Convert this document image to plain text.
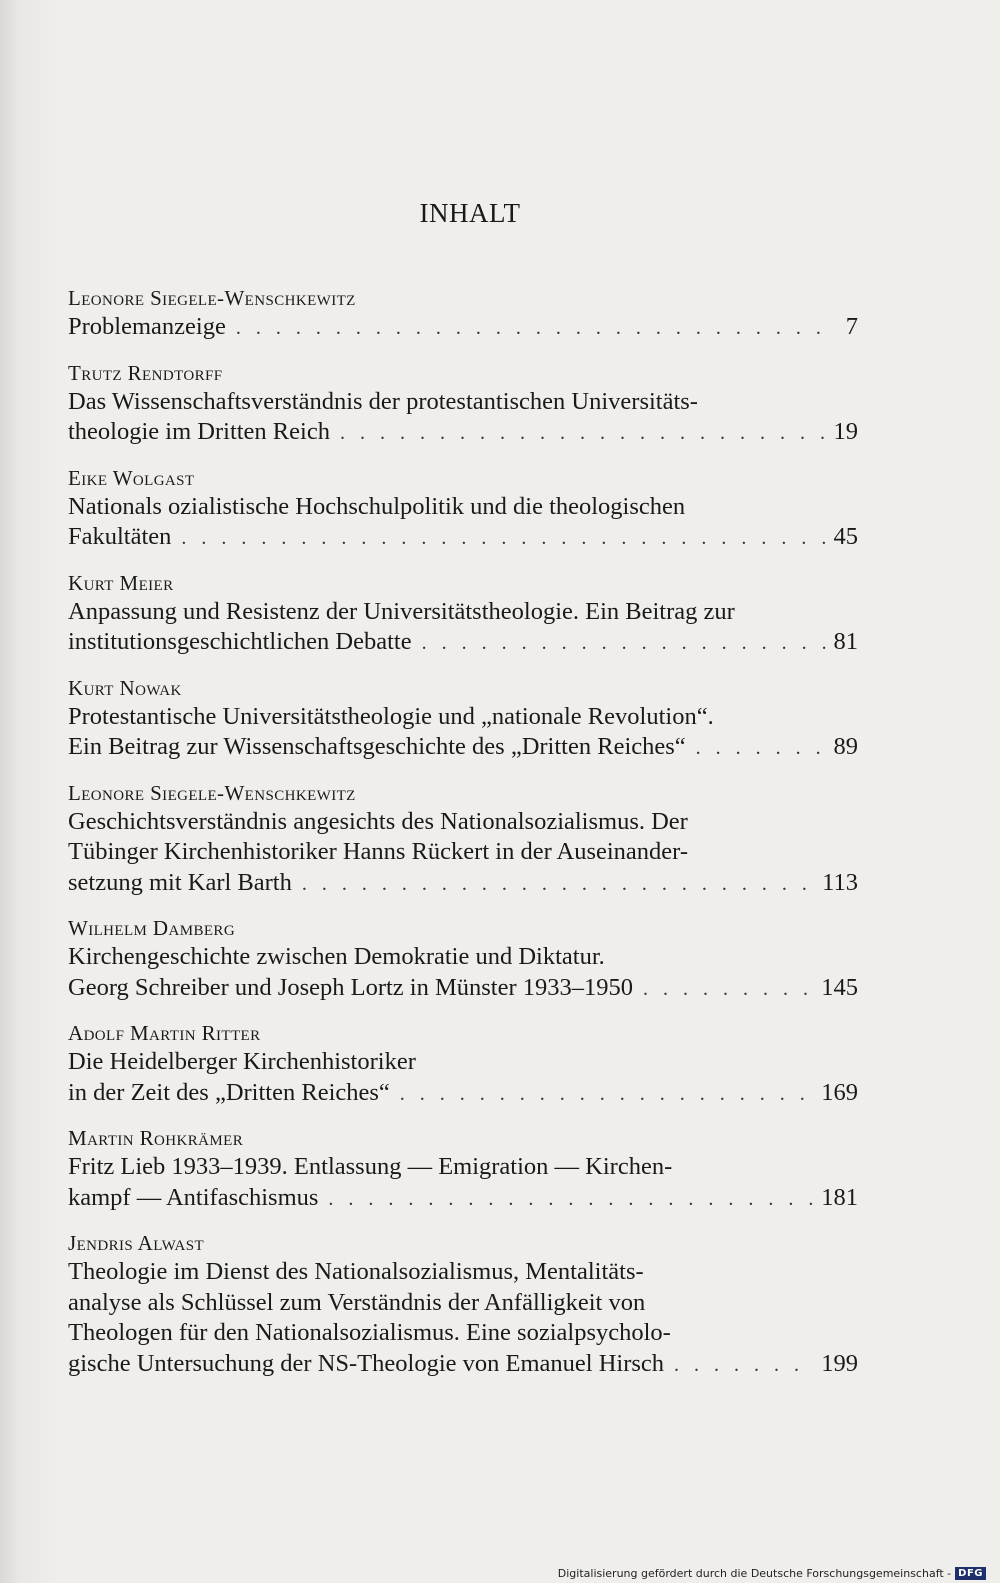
INHALT
Leonore Siegele-Wenschkewitz
Problemanzeige . . .	7
Trutz Rendtorff
Das Wissenschaftsverständnis der protestantischen Universitäts-
theologie im Dritten Reich . . .	19
Eike Wolgast
Nationals ozialistische Hochschulpolitik und die theologischen
Fakultäten . . .	45
Kurt Meier
Anpassung und Resistenz der Universitätstheologie. Ein Beitrag zur
institutionsgeschichtlichen Debatte . . .	81
Kurt Nowak
Protestantische Universitätstheologie und „nationale Revolution“.
Ein Beitrag zur Wissenschaftsgeschichte des „Dritten Reiches“ . . .	89
Leonore Siegele-Wenschkewitz
Geschichtsverständnis angesichts des Nationalsozialismus. Der
Tübinger Kirchenhistoriker Hanns Rückert in der Auseinander-
setzung mit Karl Barth . . .	113
Wilhelm Damberg
Kirchengeschichte zwischen Demokratie und Diktatur.
Georg Schreiber und Joseph Lortz in Münster 1933–1950 . . .	145
Adolf Martin Ritter
Die Heidelberger Kirchenhistoriker
in der Zeit des „Dritten Reiches“ . . .	169
Martin Rohkrämer
Fritz Lieb 1933–1939. Entlassung — Emigration — Kirchen-
kampf — Antifaschismus . . .	181
Jendris Alwast
Theologie im Dienst des Nationalsozialismus, Mentalitäts-
analyse als Schlüssel zum Verständnis der Anfälligkeit von
Theologen für den Nationalsozialismus. Eine sozialpsycholo-
gische Untersuchung der NS-Theologie von Emanuel Hirsch . . .	199
Digitalisierung gefördert durch die Deutsche Forschungsgemeinschaft - DFG
